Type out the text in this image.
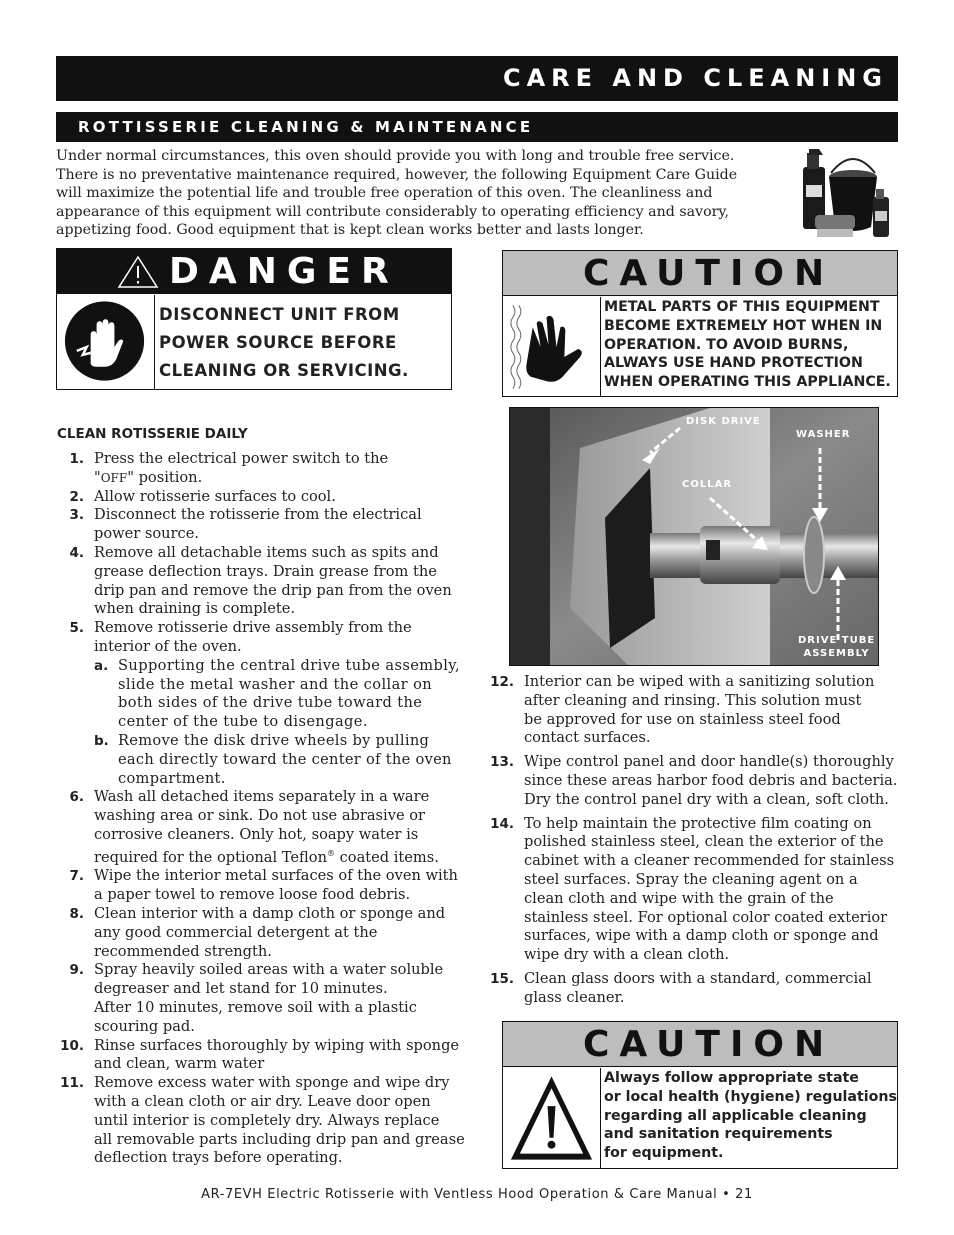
CARE AND CLEANING
ROTTISSERIE CLEANING & MAINTENANCE
Under normal circumstances, this oven should provide you with long and trouble free service.
There is no preventative maintenance required, however, the following Equipment Care Guide
will maximize the potential life and trouble free operation of this oven. The cleanliness and
appearance of this equipment will contribute considerably to operating efficiency and savory,
appetizing food. Good equipment that is kept clean works better and lasts longer.
DANGER
DISCONNECT UNIT FROM
POWER SOURCE BEFORE
CLEANING OR SERVICING.
CAUTION
METAL PARTS OF THIS EQUIPMENT
BECOME EXTREMELY HOT WHEN IN
OPERATION. TO AVOID BURNS,
ALWAYS USE HAND PROTECTION
WHEN OPERATING THIS APPLIANCE.
DISK DRIVE
WASHER
COLLAR
DRIVE TUBE
ASSEMBLY
CLEAN ROTISSERIE DAILY
1. Press the electrical power switch to the
"OFF" position.
2. Allow rotisserie surfaces to cool.
3. Disconnect the rotisserie from the electrical
power source.
4. Remove all detachable items such as spits and
grease deflection trays. Drain grease from the
drip pan and remove the drip pan from the oven
when draining is complete.
5. Remove rotisserie drive assembly from the
interior of the oven.
a. Supporting the central drive tube assembly,
slide the metal washer and the collar on
both sides of the drive tube toward the
center of the tube to disengage.
b. Remove the disk drive wheels by pulling
each directly toward the center of the oven
compartment.
6. Wash all detached items separately in a ware
washing area or sink. Do not use abrasive or
corrosive cleaners. Only hot, soapy water is
required for the optional Teflon® coated items.
7. Wipe the interior metal surfaces of the oven with
a paper towel to remove loose food debris.
8. Clean interior with a damp cloth or sponge and
any good commercial detergent at the
recommended strength.
9. Spray heavily soiled areas with a water soluble
degreaser and let stand for 10 minutes.
After 10 minutes, remove soil with a plastic
scouring pad.
10. Rinse surfaces thoroughly by wiping with sponge
and clean, warm water
11. Remove excess water with sponge and wipe dry
with a clean cloth or air dry. Leave door open
until interior is completely dry. Always replace
all removable parts including drip pan and grease
deflection trays before operating.
12. Interior can be wiped with a sanitizing solution
after cleaning and rinsing. This solution must
be approved for use on stainless steel food
contact surfaces.
13. Wipe control panel and door handle(s) thoroughly
since these areas harbor food debris and bacteria.
Dry the control panel dry with a clean, soft cloth.
14. To help maintain the protective film coating on
polished stainless steel, clean the exterior of the
cabinet with a cleaner recommended for stainless
steel surfaces. Spray the cleaning agent on a
clean cloth and wipe with the grain of the
stainless steel. For optional color coated exterior
surfaces, wipe with a damp cloth or sponge and
wipe dry with a clean cloth.
15. Clean glass doors with a standard, commercial
glass cleaner.
CAUTION
Always follow appropriate state
or local health (hygiene) regulations
regarding all applicable cleaning
and sanitation requirements
for equipment.
AR-7EVH Electric Rotisserie with Ventless Hood Operation & Care Manual • 21
